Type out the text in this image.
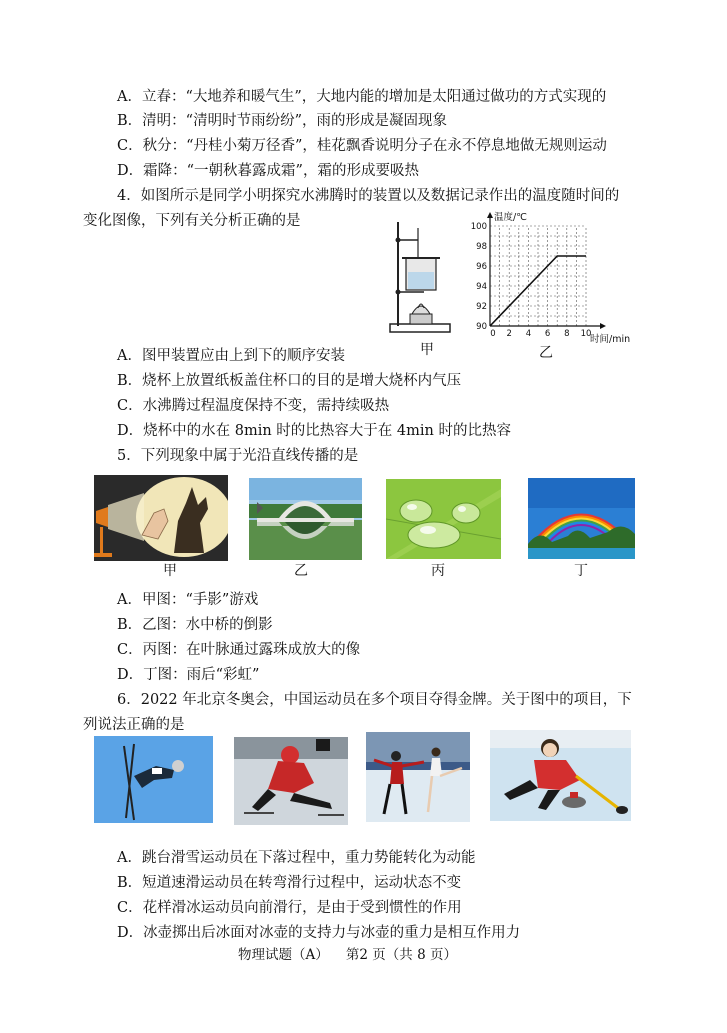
A．立春：“大地养和暖气生”，大地内能的增加是太阳通过做功的方式实现的
B．清明：“清明时节雨纷纷”，雨的形成是凝固现象
C．秋分：“丹桂小菊万径香”，桂花飘香说明分子在永不停息地做无规则运动
D．霜降：“一朝秋暮露成霜”，霜的形成要吸热
4．如图所示是同学小明探究水沸腾时的装置以及数据记录作出的温度随时间的
变化图像，下列有关分析正确的是
甲
温度/℃
时间/min
0 2 4 6 8 10
90
92
94
96
98
100
乙
A．图甲装置应由上到下的顺序安装
B．烧杯上放置纸板盖住杯口的目的是增大烧杯内气压
C．水沸腾过程温度保持不变，需持续吸热
D．烧杯中的水在 8min 时的比热容大于在 4min 时的比热容
5．下列现象中属于光沿直线传播的是
甲	乙	丙	丁
A．甲图：“手影”游戏
B．乙图：水中桥的倒影
C．丙图：在叶脉通过露珠成放大的像
D．丁图：雨后“彩虹”
6．2022 年北京冬奥会，中国运动员在多个项目夺得金牌。关于图中的项目，下
列说法正确的是
A．跳台滑雪运动员在下落过程中，重力势能转化为动能
B．短道速滑运动员在转弯滑行过程中，运动状态不变
C．花样滑冰运动员向前滑行，是由于受到惯性的作用
D．冰壶掷出后冰面对冰壶的支持力与冰壶的重力是相互作用力
物理试题（A）    第2 页（共 8 页）
